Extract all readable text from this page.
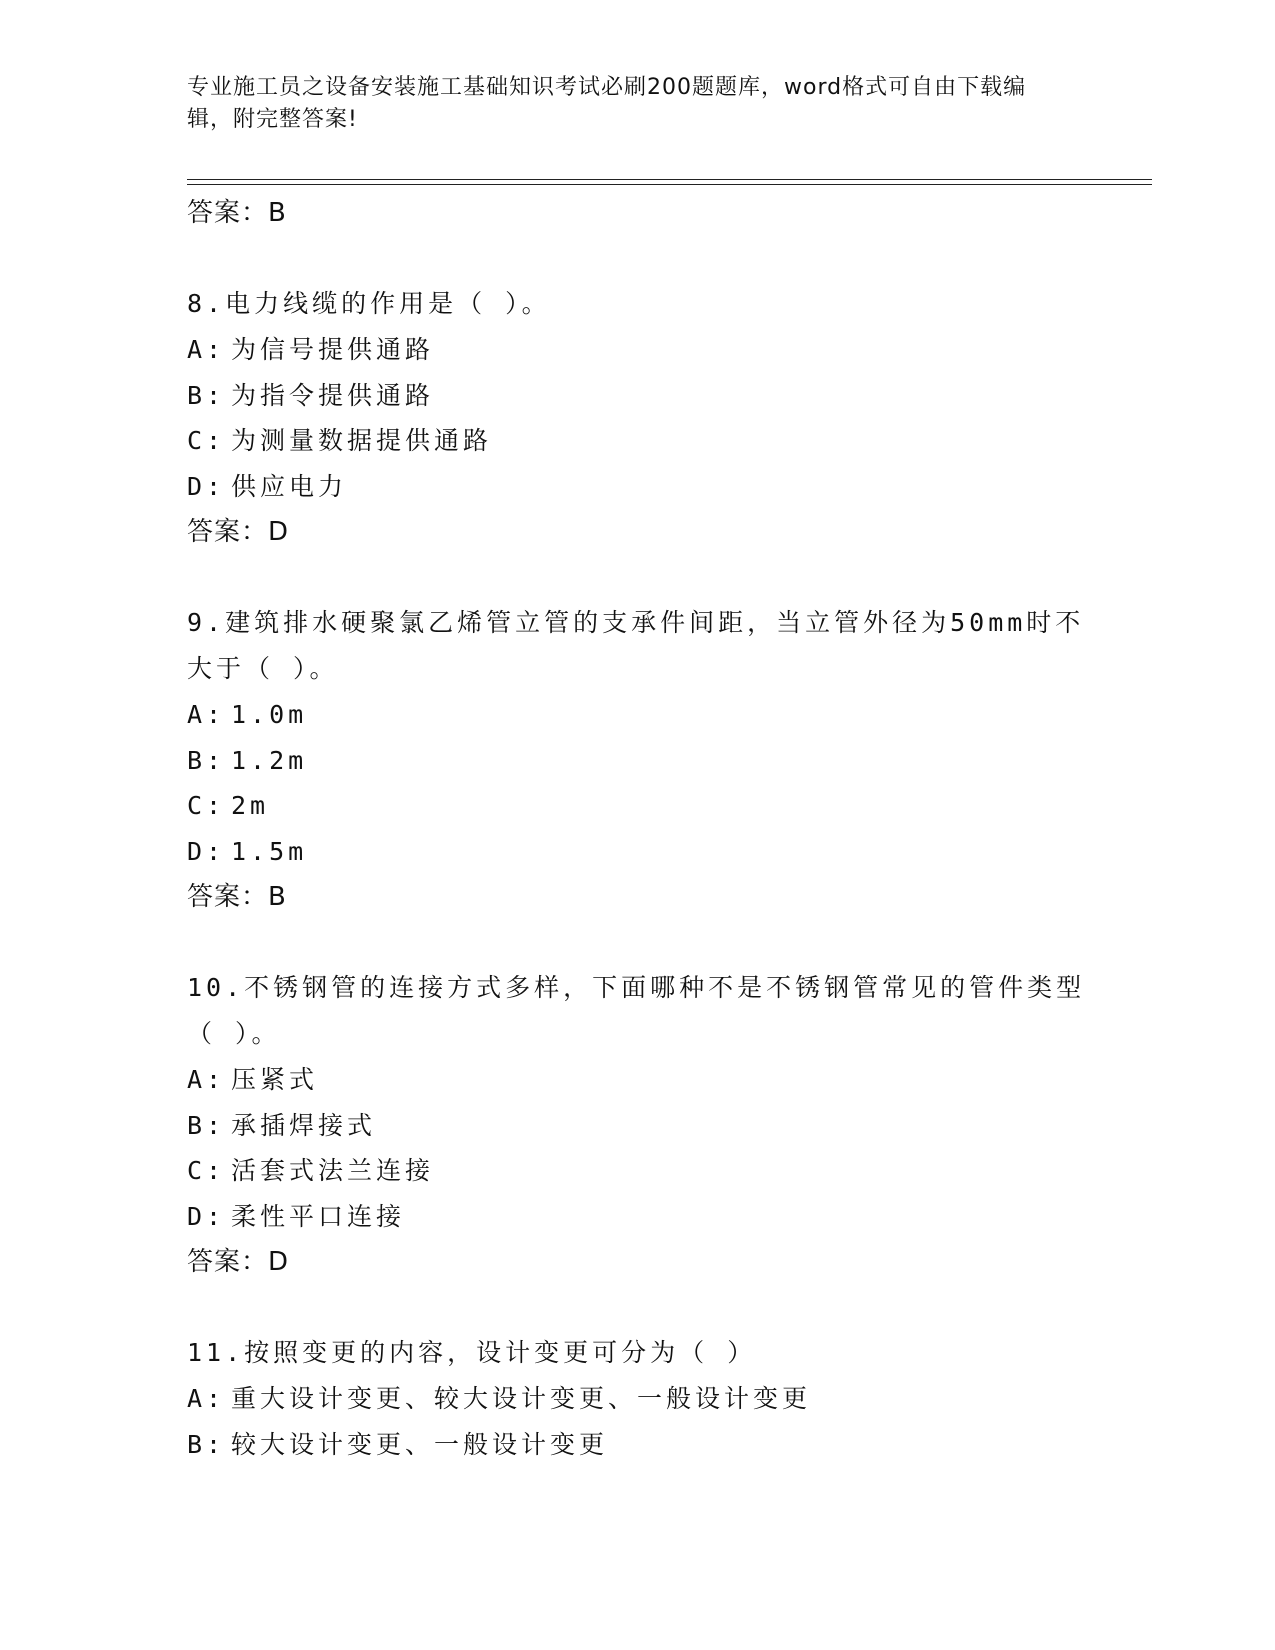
专业施工员之设备安装施工基础知识考试必刷200题题库，word格式可自由下载编辑，附完整答案!
答案：B
8.电力线缆的作用是（ ）。
A: 为信号提供通路
B: 为指令提供通路
C: 为测量数据提供通路
D: 供应电力
答案：D
9.建筑排水硬聚氯乙烯管立管的支承件间距，当立管外径为50mm时不大于（ ）。
A: 1.0m
B: 1.2m
C: 2m
D: 1.5m
答案：B
10.不锈钢管的连接方式多样，下面哪种不是不锈钢管常见的管件类型（ ）。
A: 压紧式
B: 承插焊接式
C: 活套式法兰连接
D: 柔性平口连接
答案：D
11.按照变更的内容，设计变更可分为（ ）
A: 重大设计变更、较大设计变更、一般设计变更
B: 较大设计变更、一般设计变更
